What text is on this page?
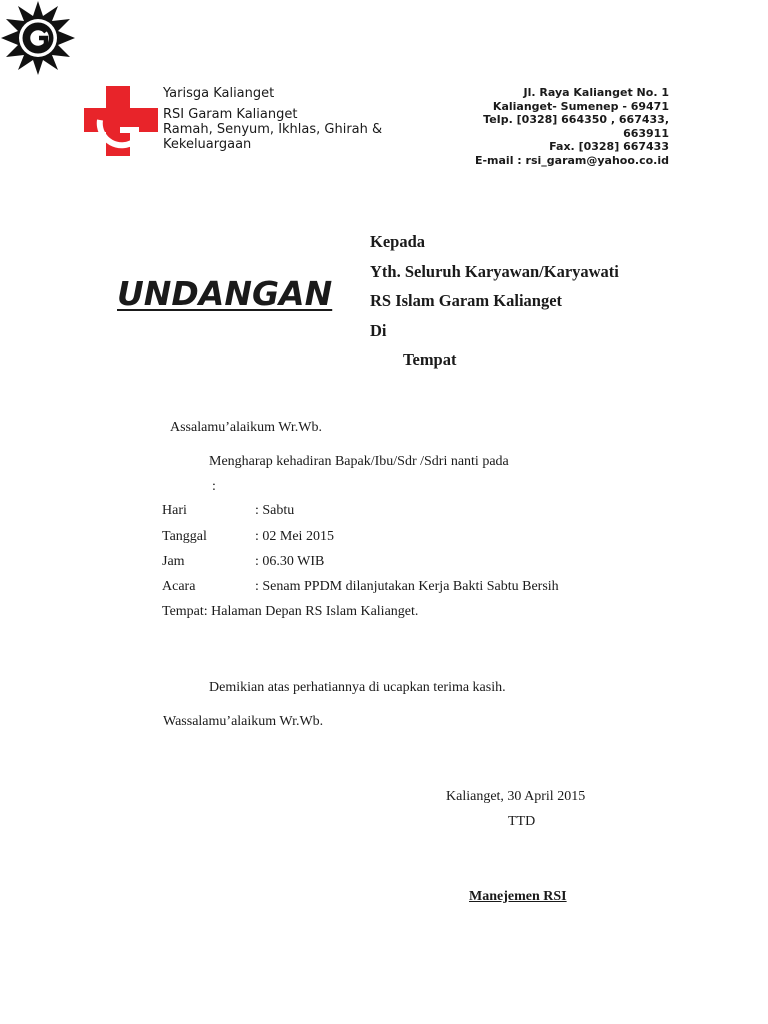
Yarisga Kalianget
RSI Garam Kalianget
Ramah, Senyum, Ikhlas, Ghirah &
Kekeluargaan
Jl. Raya Kalianget No. 1
Kalianget- Sumenep - 69471
TeIp. [0328] 664350 , 667433,
663911
Fax. [0328] 667433
E-mail : rsi_garam@yahoo.co.id
UNDANGAN
Kepada
Yth. Seluruh Karyawan/Karyawati
RS Islam Garam Kalianget
Di
Tempat
Assalamu’alaikum Wr.Wb.
Mengharap kehadiran Bapak/Ibu/Sdr /Sdri nanti pada
:
Hari	: Sabtu
Tanggal	: 02 Mei 2015
Jam	: 06.30 WIB
Acara	: Senam PPDM dilanjutakan Kerja Bakti Sabtu Bersih
Tempat: Halaman Depan RS Islam Kalianget.
Demikian atas perhatiannya di ucapkan terima kasih.
Wassalamu’alaikum Wr.Wb.
Kalianget, 30 April 2015
TTD
Manejemen RSI
